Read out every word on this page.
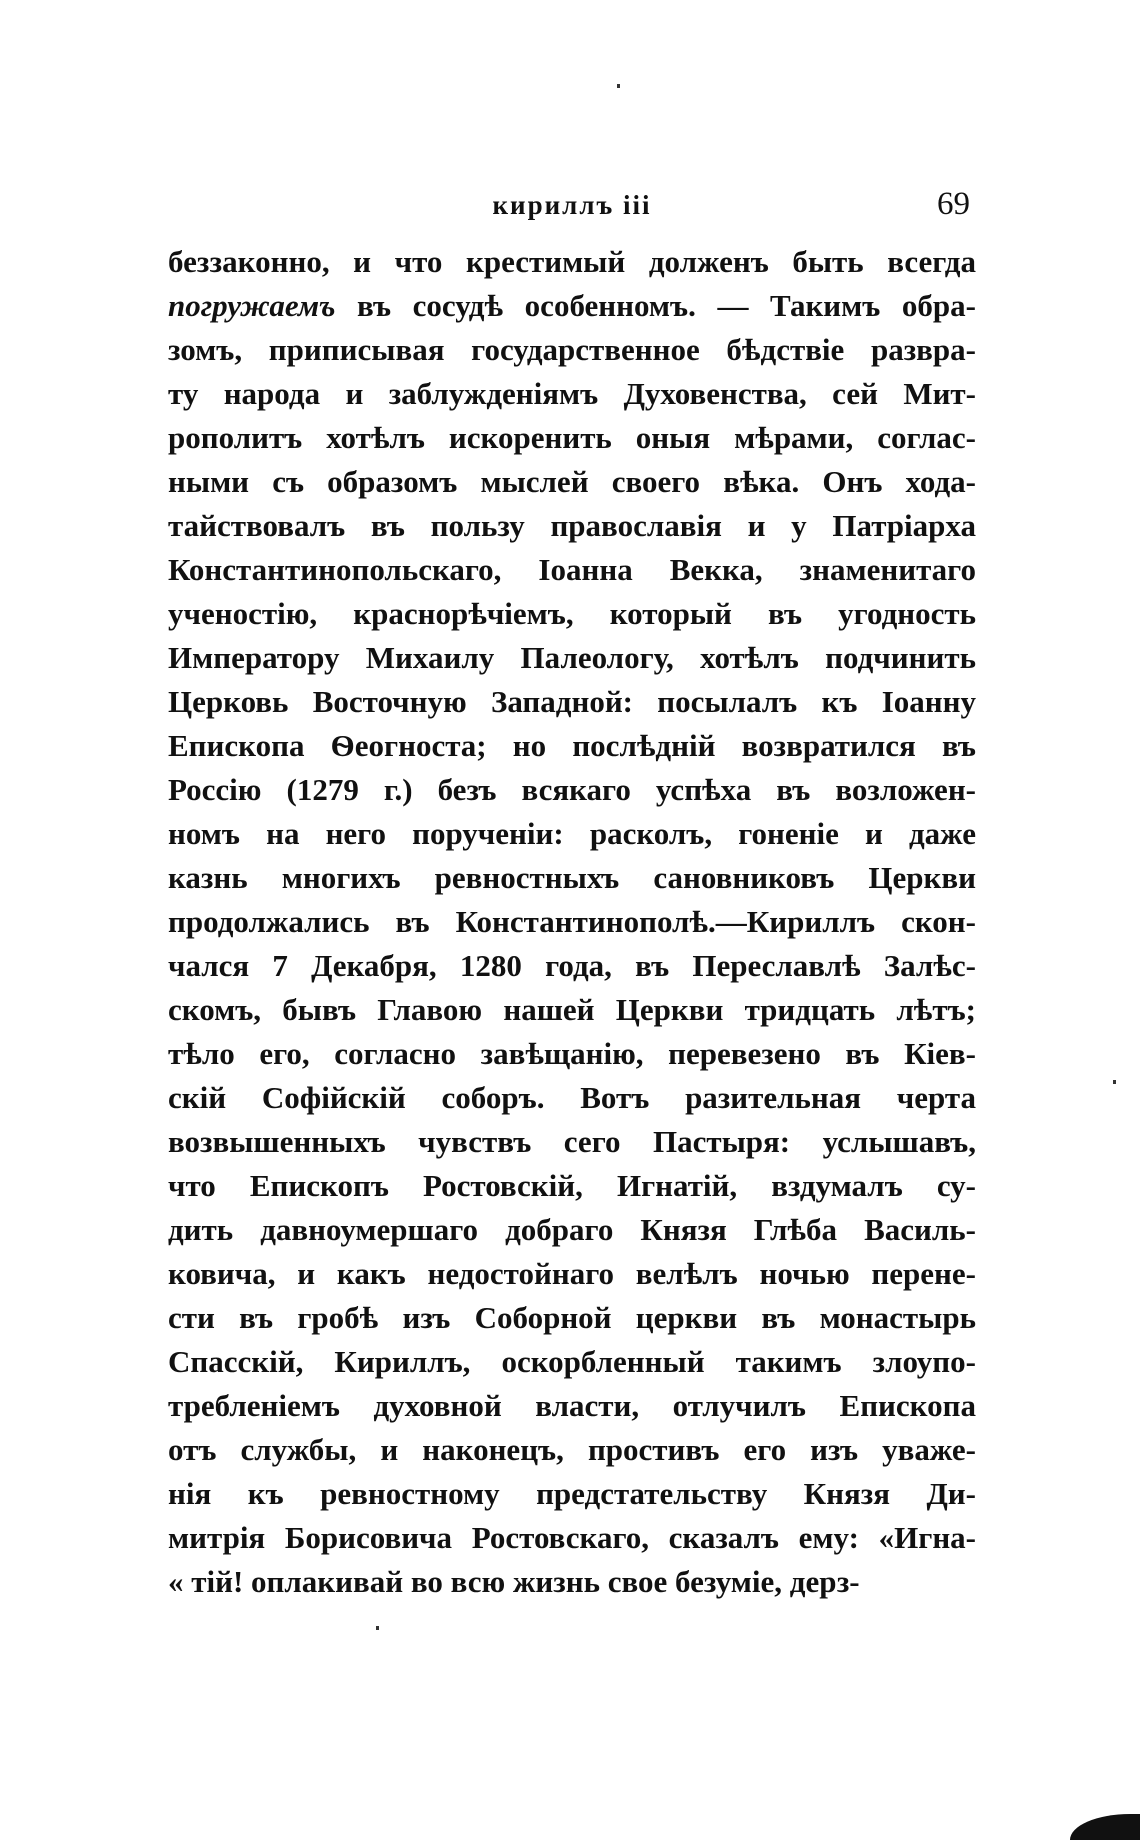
кириллъ iii	69
беззаконно, и что крестимый долженъ быть всегда
погружаемъ въ сосудѣ особенномъ. — Такимъ обра-
зомъ, приписывая государственное бѣдствіе развра-
ту народа и заблужденіямъ Духовенства, сей Мит-
рополитъ хотѣлъ искоренить оныя мѣрами, соглас-
ными съ образомъ мыслей своего вѣка. Онъ хода-
тайствовалъ въ пользу православія и у Патріарха
Константинопольскаго, Іоанна Векка, знаменитаго
ученостію, краснорѣчіемъ, который въ угодность
Императору Михаилу Палеологу, хотѣлъ подчинить
Церковь Восточную Западной: посылалъ къ Іоанну
Епископа Ѳеогноста; но послѣдній возвратился въ
Россію (1279 г.) безъ всякаго успѣха въ возложен-
номъ на него порученіи: расколъ, гоненіе и даже
казнь многихъ ревностныхъ сановниковъ Церкви
продолжались въ Константинополѣ.—Кириллъ скон-
чался 7 Декабря, 1280 года, въ Переславлѣ Залѣс-
скомъ, бывъ Главою нашей Церкви тридцать лѣтъ;
тѣло его, согласно завѣщанію, перевезено въ Кіев-
скій Софійскій соборъ. Вотъ разительная черта
возвышенныхъ чувствъ сего Пастыря: услышавъ,
что Епископъ Ростовскій, Игнатій, вздумалъ су-
дить давноумершаго добраго Князя Глѣба Василь-
ковича, и какъ недостойнаго велѣлъ ночью перене-
сти въ гробѣ изъ Соборной церкви въ монастырь
Спасскій, Кириллъ, оскорбленный такимъ злоупо-
требленіемъ духовной власти, отлучилъ Епископа
отъ службы, и наконецъ, простивъ его изъ уваже-
нія къ ревностному предстательству Князя Ди-
митрія Борисовича Ростовскаго, сказалъ ему: «Игна-
« тій! оплакивай во всю жизнь свое безуміе, дерз-
